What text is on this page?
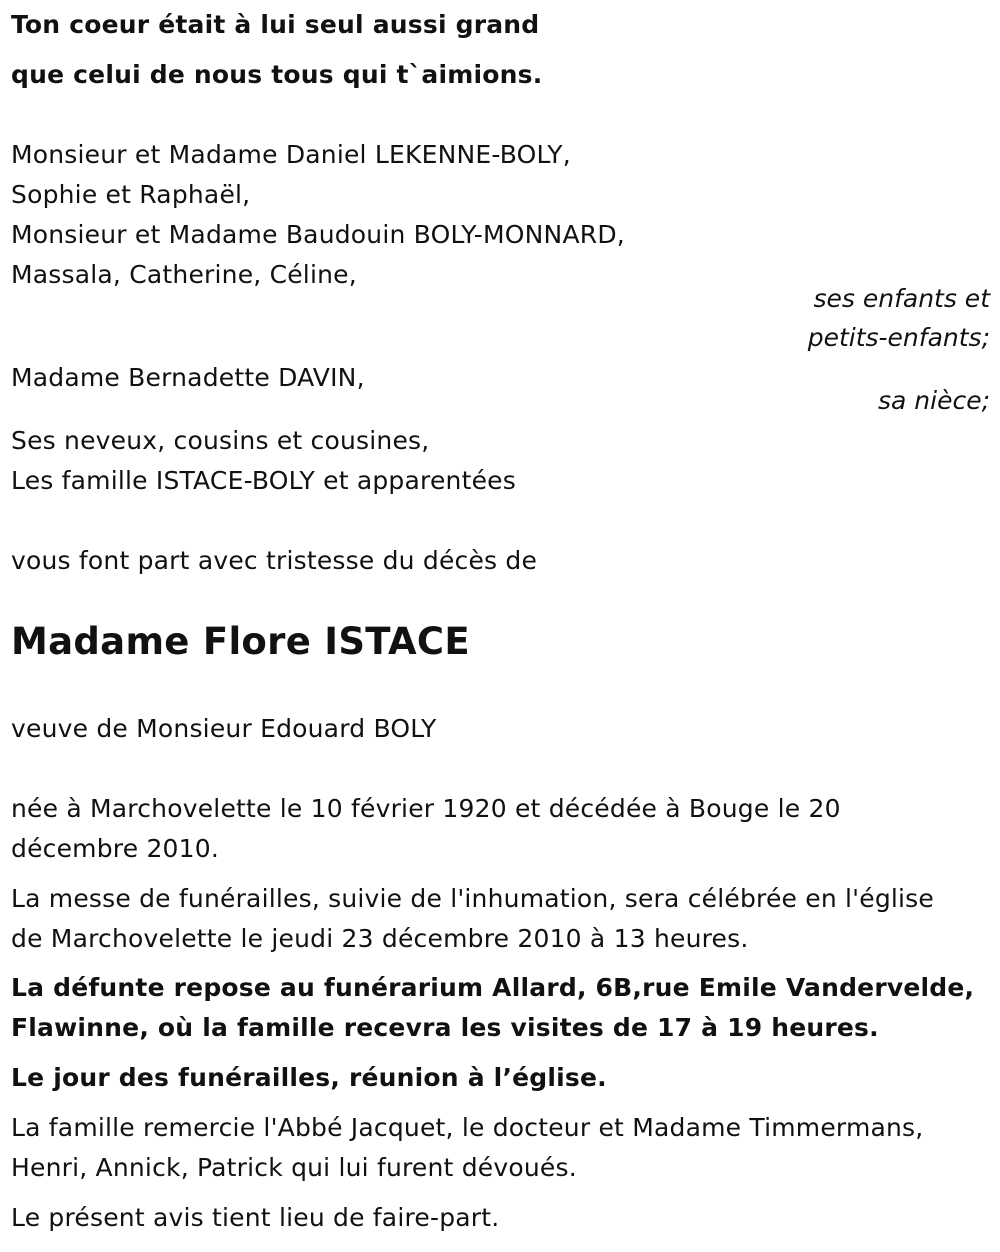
Ton coeur était à lui seul aussi grand
que celui de nous tous qui t`aimions.
Monsieur et Madame Daniel LEKENNE-BOLY,
Sophie et Raphaël,
Monsieur et Madame Baudouin BOLY-MONNARD,
Massala, Catherine, Céline,
ses enfants et
petits-enfants;
Madame Bernadette DAVIN,
sa nièce;
Ses neveux, cousins et cousines,
Les famille ISTACE-BOLY et apparentées
vous font part avec tristesse du décès de
Madame Flore ISTACE
veuve de Monsieur Edouard BOLY
née à Marchovelette le 10 février 1920 et décédée à Bouge le 20
décembre 2010.
La messe de funérailles, suivie de l'inhumation, sera célébrée en l'église
de Marchovelette le jeudi 23 décembre 2010 à 13 heures.
La défunte repose au funérarium Allard, 6B,rue Emile Vandervelde,
Flawinne, où la famille recevra les visites de 17 à 19 heures.
Le jour des funérailles, réunion à l’église.
La famille remercie l'Abbé Jacquet, le docteur et Madame Timmermans,
Henri, Annick, Patrick qui lui furent dévoués.
Le présent avis tient lieu de faire-part.
